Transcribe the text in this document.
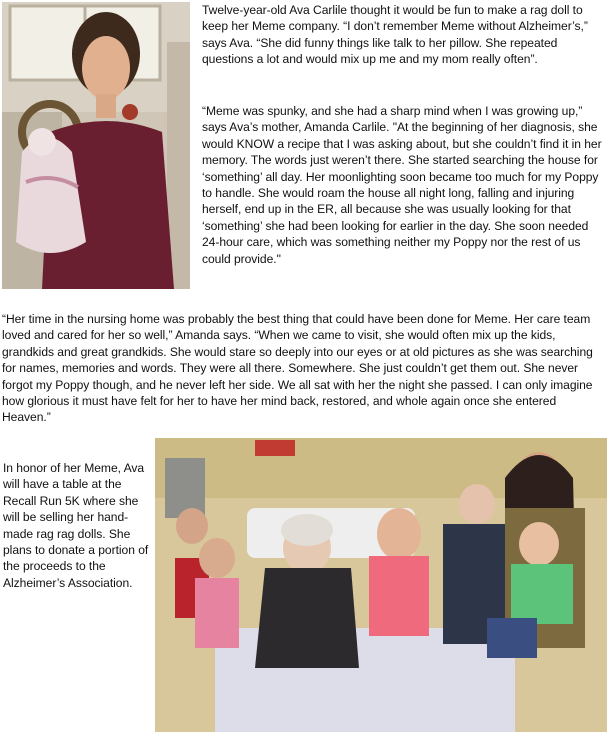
Twelve-year-old Ava Carlile thought it would be fun to make a rag doll to keep her Meme company. “I don’t remember Meme without Alzheimer’s,” says Ava. “She did funny things like talk to her pillow. She repeated questions a lot and would mix up me and my mom really often”.

“Meme was spunky, and she had a sharp mind when I was growing up,” says Ava’s mother, Amanda Carlile. "At the beginning of her diagnosis, she would KNOW a recipe that I was asking about, but she couldn’t find it in her memory. The words just weren’t there. She started searching the house for ‘something’ all day. Her moonlighting soon became too much for my Poppy to handle. She would roam the house all night long, falling and injuring herself, end up in the ER, all because she was usually looking for that ‘something’ she had been looking for earlier in the day. She soon needed 24-hour care, which was something neither my Poppy nor the rest of us could provide."

“Her time in the nursing home was probably the best thing that could have been done for Meme. Her care team loved and cared for her so well,” Amanda says. “When we came to visit, she would often mix up the kids, grandkids and great grandkids. She would stare so deeply into our eyes or at old pictures as she was searching for names, memories and words. They were all there. Somewhere. She just couldn’t get them out. She never forgot my Poppy though, and he never left her side. We all sat with her the night she passed. I can only imagine how glorious it must have felt for her to have her mind back, restored, and whole again once she entered Heaven.”

In honor of her Meme, Ava will have a table at the Recall Run 5K where she will be selling her hand-made rag rag dolls. She plans to donate a portion of the proceeds to the Alzheimer’s Association.
